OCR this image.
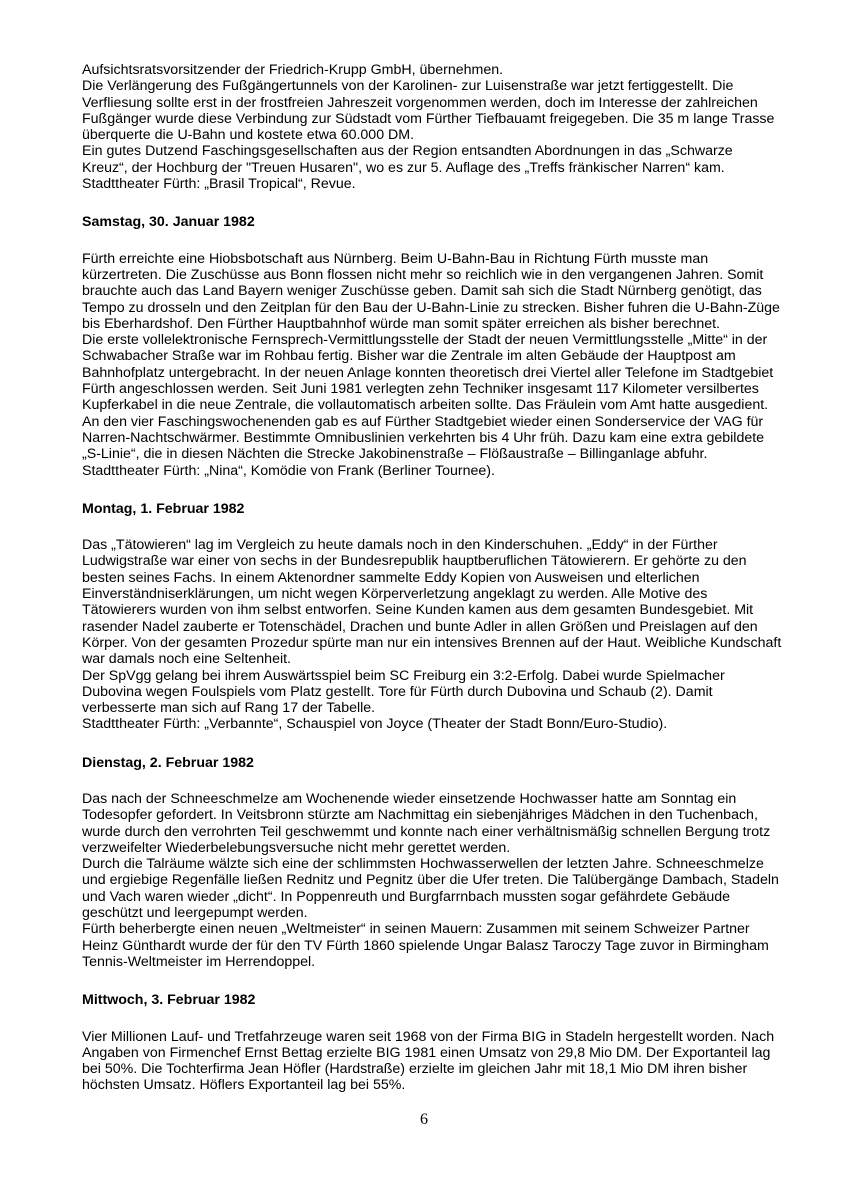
Aufsichtsratsvorsitzender der Friedrich-Krupp GmbH, übernehmen.

Die Verlängerung des Fußgängertunnels von der Karolinen- zur Luisenstraße war jetzt fertiggestellt. Die Verfliesung sollte erst in der frostfreien Jahreszeit vorgenommen werden, doch im Interesse der zahlreichen Fußgänger wurde diese Verbindung zur Südstadt vom Fürther Tiefbauamt freigegeben. Die 35 m lange Trasse überquerte die U-Bahn und kostete etwa 60.000 DM.

Ein gutes Dutzend Faschingsgesellschaften aus der Region entsandten Abordnungen in das „Schwarze Kreuz“, der Hochburg der "Treuen Husaren", wo es zur 5. Auflage des „Treffs fränkischer Narren“ kam.

Stadttheater Fürth: „Brasil Tropical“, Revue.

Samstag, 30. Januar 1982

Fürth erreichte eine Hiobsbotschaft aus Nürnberg. Beim U-Bahn-Bau in Richtung Fürth musste man kürzertreten. Die Zuschüsse aus Bonn flossen nicht mehr so reichlich wie in den vergangenen Jahren. Somit brauchte auch das Land Bayern weniger Zuschüsse geben. Damit sah sich die Stadt Nürnberg genötigt, das Tempo zu drosseln und den Zeitplan für den Bau der U-Bahn-Linie zu strecken. Bisher fuhren die U-Bahn-Züge bis Eberhardshof. Den Fürther Hauptbahnhof würde man somit später erreichen als bisher berechnet.

Die erste vollelektronische Fernsprech-Vermittlungsstelle der Stadt der neuen Vermittlungsstelle „Mitte“ in der Schwabacher Straße war im Rohbau fertig. Bisher war die Zentrale im alten Gebäude der Hauptpost am Bahnhofplatz untergebracht. In der neuen Anlage konnten theoretisch drei Viertel aller Telefone im Stadtgebiet Fürth angeschlossen werden. Seit Juni 1981 verlegten zehn Techniker insgesamt 117 Kilometer versilbertes Kupferkabel in die neue Zentrale, die vollautomatisch arbeiten sollte. Das Fräulein vom Amt hatte ausgedient.

An den vier Faschingswochenenden gab es auf Fürther Stadtgebiet wieder einen Sonderservice der VAG für Narren-Nachtschwärmer. Bestimmte Omnibuslinien verkehrten bis 4 Uhr früh. Dazu kam eine extra gebildete „S-Linie“, die in diesen Nächten die Strecke Jakobinenstraße – Flößaustraße – Billinganlage abfuhr.

Stadttheater Fürth: „Nina“, Komödie von Frank (Berliner Tournee).

Montag, 1. Februar 1982

Das „Tätowieren“ lag im Vergleich zu heute damals noch in den Kinderschuhen. „Eddy“ in der Fürther Ludwigstraße war einer von sechs in der Bundesrepublik hauptberuflichen Tätowierern. Er gehörte zu den besten seines Fachs. In einem Aktenordner sammelte Eddy Kopien von Ausweisen und elterlichen Einverständniserklärungen, um nicht wegen Körperverletzung angeklagt zu werden. Alle Motive des Tätowierers wurden von ihm selbst entworfen. Seine Kunden kamen aus dem gesamten Bundesgebiet. Mit rasender Nadel zauberte er Totenschädel, Drachen und bunte Adler in allen Größen und Preislagen auf den Körper. Von der gesamten Prozedur spürte man nur ein intensives Brennen auf der Haut. Weibliche Kundschaft war damals noch eine Seltenheit.

Der SpVgg gelang bei ihrem Auswärtsspiel beim SC Freiburg ein 3:2-Erfolg. Dabei wurde Spielmacher Dubovina wegen Foulspiels vom Platz gestellt. Tore für Fürth durch Dubovina und Schaub (2). Damit verbesserte man sich auf Rang 17 der Tabelle.

Stadttheater Fürth: „Verbannte“, Schauspiel von Joyce (Theater der Stadt Bonn/Euro-Studio).

Dienstag, 2. Februar 1982

Das nach der Schneeschmelze am Wochenende wieder einsetzende Hochwasser hatte am Sonntag ein Todesopfer gefordert. In Veitsbronn stürzte am Nachmittag ein siebenjähriges Mädchen in den Tuchenbach, wurde durch den verrohrten Teil geschwemmt und konnte nach einer verhältnismäßig schnellen Bergung trotz verzweifelter Wiederbelebungsversuche nicht mehr gerettet werden.

Durch die Talräume wälzte sich eine der schlimmsten Hochwasserwellen der letzten Jahre. Schneeschmelze und ergiebige Regenfälle ließen Rednitz und Pegnitz über die Ufer treten. Die Talübergänge Dambach, Stadeln und Vach waren wieder „dicht“. In Poppenreuth und Burgfarrnbach mussten sogar gefährdete Gebäude geschützt und leergepumpt werden.

Fürth beherbergte einen neuen „Weltmeister“ in seinen Mauern: Zusammen mit seinem Schweizer Partner Heinz Günthardt wurde der für den TV Fürth 1860 spielende Ungar Balasz Taroczy Tage zuvor in Birmingham Tennis-Weltmeister im Herrendoppel.

Mittwoch, 3. Februar 1982

Vier Millionen Lauf- und Tretfahrzeuge waren seit 1968 von der Firma BIG in Stadeln hergestellt worden. Nach Angaben von Firmenchef Ernst Bettag erzielte BIG 1981 einen Umsatz von 29,8 Mio DM. Der Exportanteil lag bei 50%. Die Tochterfirma Jean Höfler (Hardstraße) erzielte im gleichen Jahr mit 18,1 Mio DM ihren bisher höchsten Umsatz. Höflers Exportanteil lag bei 55%.

6
